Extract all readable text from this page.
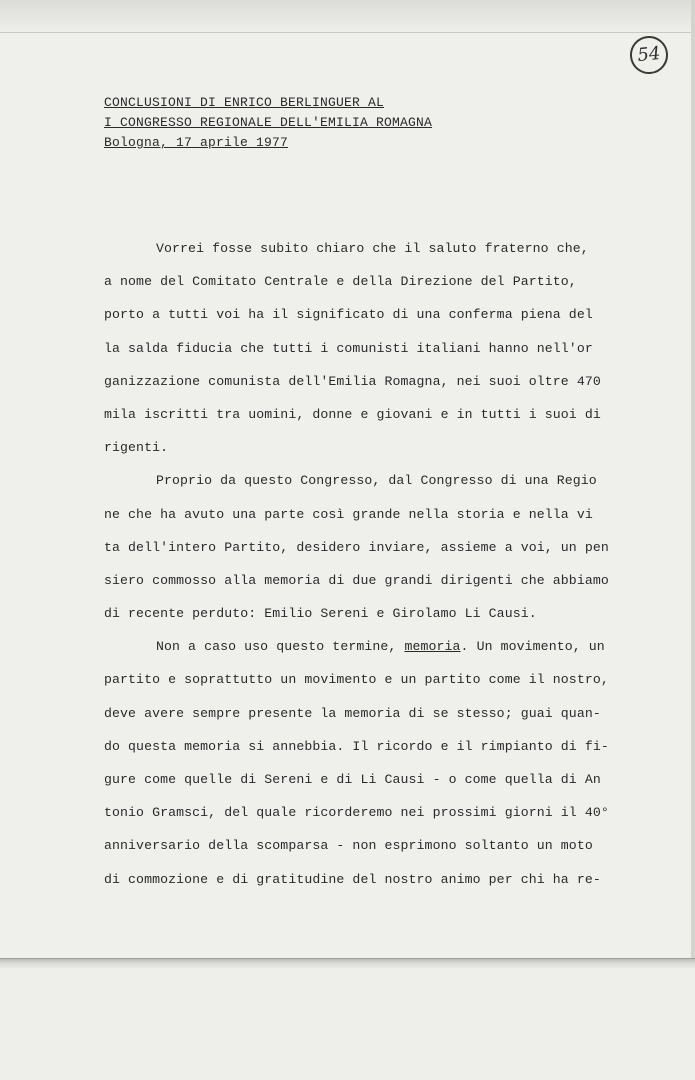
54
CONCLUSIONI DI ENRICO BERLINGUER AL
I CONGRESSO REGIONALE DELL'EMILIA ROMAGNA
Bologna, 17 aprile 1977
Vorrei fosse subito chiaro che il saluto fraterno che,
a nome del Comitato Centrale e della Direzione del Partito,
porto a tutti voi ha il significato di una conferma piena del
la salda fiducia che tutti i comunisti italiani hanno nell'or
ganizzazione comunista dell'Emilia Romagna, nei suoi oltre 470
mila iscritti tra uomini, donne e giovani e in tutti i suoi di
rigenti.
Proprio da questo Congresso, dal Congresso di una Regio
ne che ha avuto una parte così grande nella storia e nella vi
ta dell'intero Partito, desidero inviare, assieme a voi, un pen
siero commosso alla memoria di due grandi dirigenti che abbiamo
di recente perduto: Emilio Sereni e Girolamo Li Causi.
Non a caso uso questo termine, memoria. Un movimento, un
partito e soprattutto un movimento e un partito come il nostro,
deve avere sempre presente la memoria di se stesso; guai quan-
do questa memoria si annebbia. Il ricordo e il rimpianto di fi-
gure come quelle di Sereni e di Li Causi - o come quella di An
tonio Gramsci, del quale ricorderemo nei prossimi giorni il 40°
anniversario della scomparsa - non esprimono soltanto un moto
di commozione e di gratitudine del nostro animo per chi ha re-
